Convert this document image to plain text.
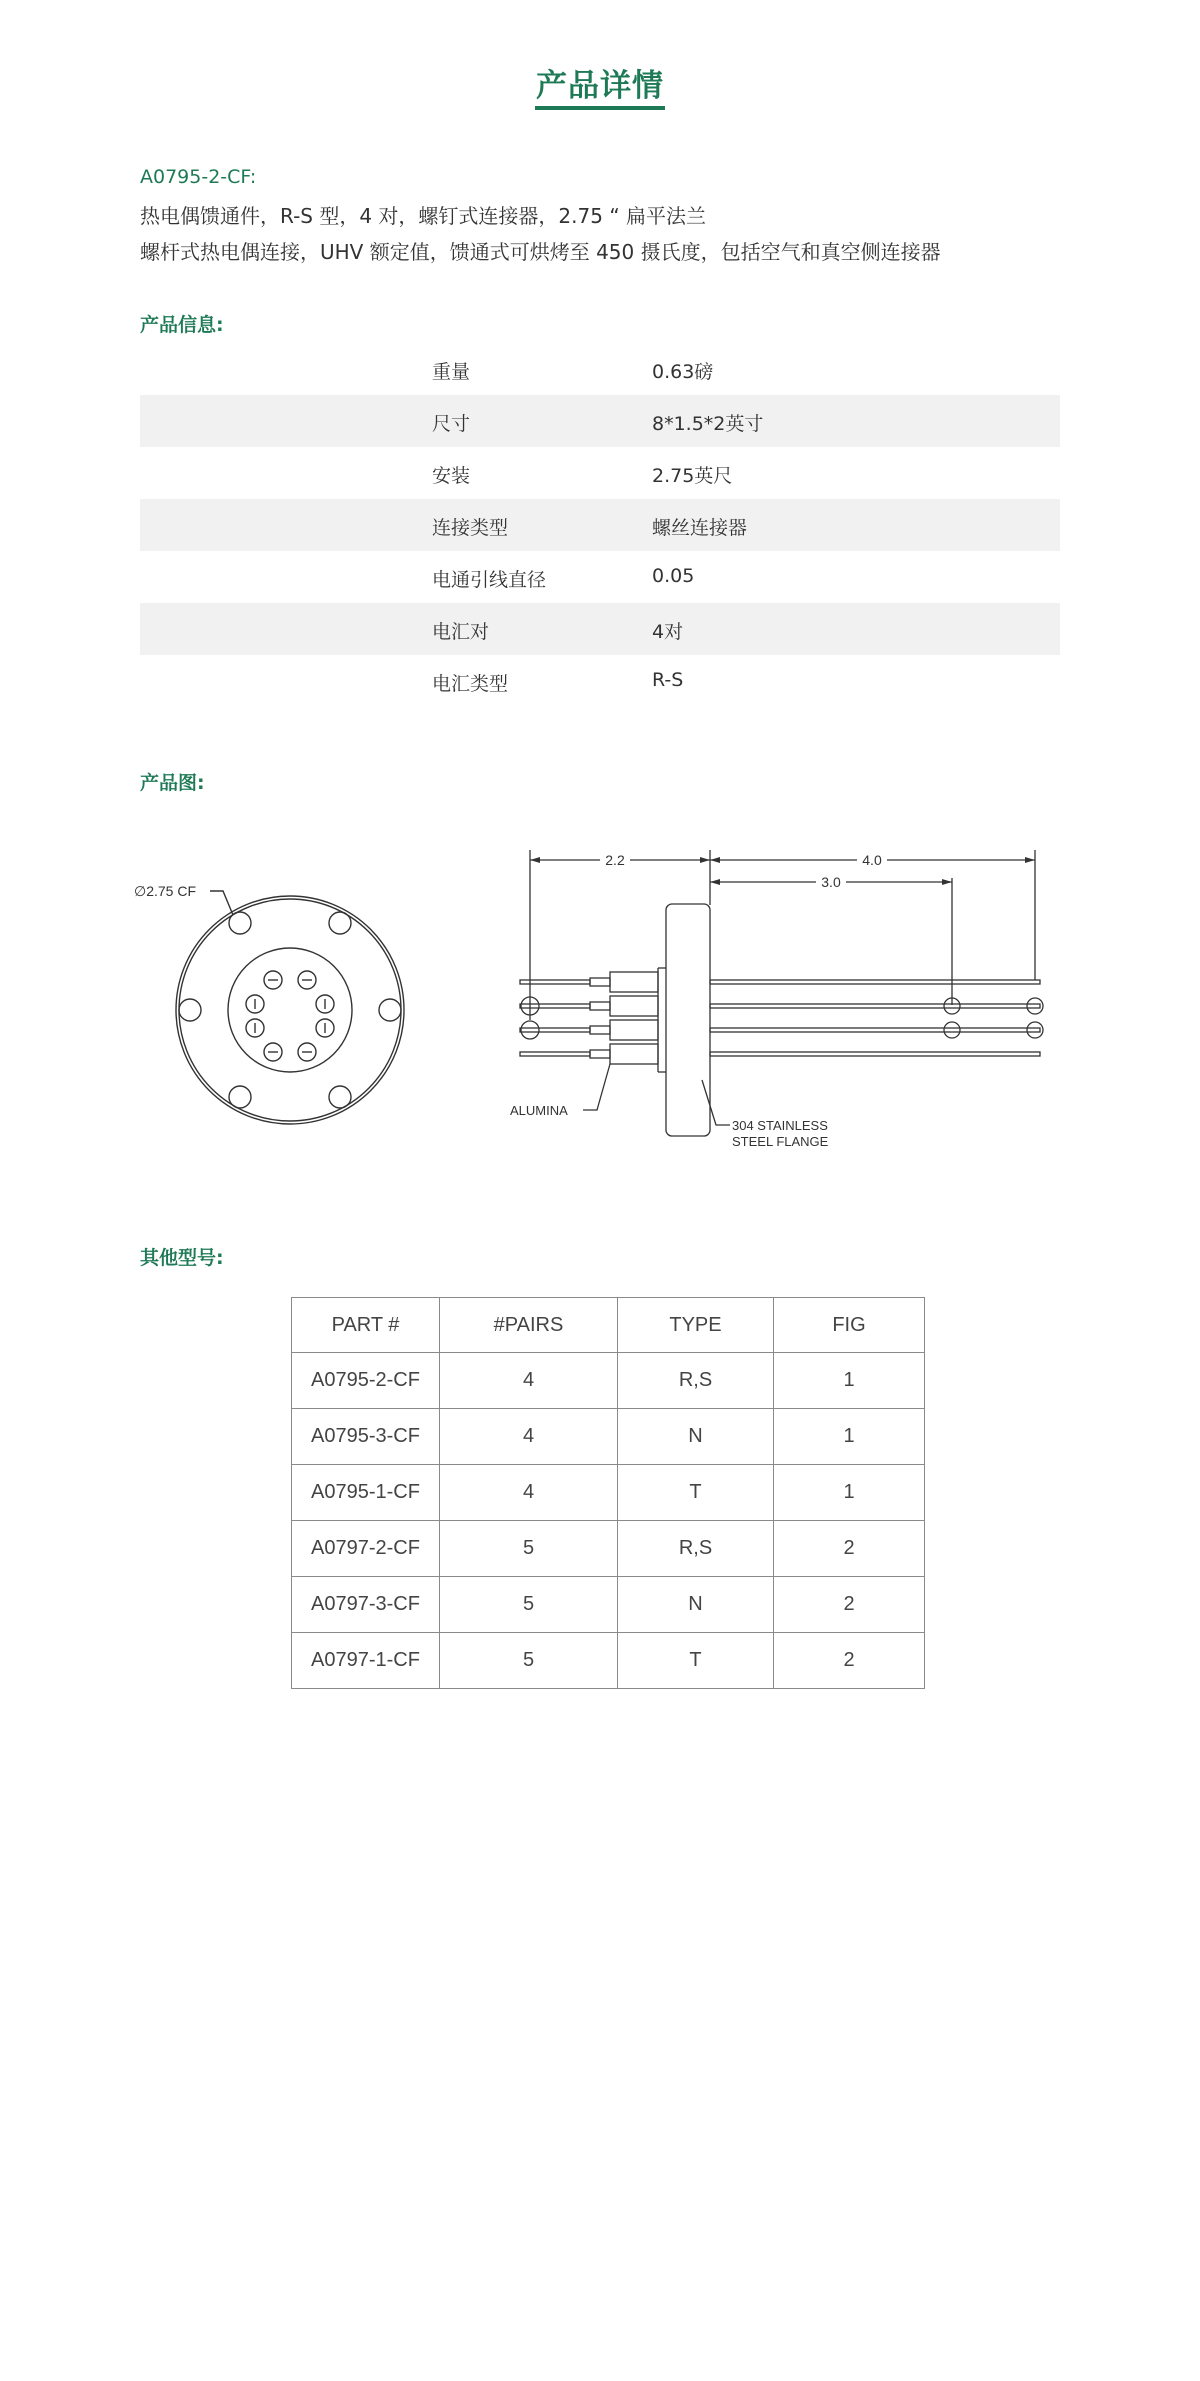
产品详情
A0795-2-CF:
热电偶馈通件，R-S 型，4 对，螺钉式连接器，2.75 “ 扁平法兰
螺杆式热电偶连接，UHV 额定值，馈通式可烘烤至 450 摄氏度，包括空气和真空侧连接器
产品信息:
重量	0.63磅
尺寸	8*1.5*2英寸
安装	2.75英尺
连接类型	螺丝连接器
电通引线直径	0.05
电汇对	4对
电汇类型	R-S
产品图:
∅2.75 CF
2.2	4.0
3.0
ALUMINA
304 STAINLESS
STEEL FLANGE
其他型号:
PART #	#PAIRS	TYPE	FIG
A0795-2-CF	4	R,S	1
A0795-3-CF	4	N	1
A0795-1-CF	4	T	1
A0797-2-CF	5	R,S	2
A0797-3-CF	5	N	2
A0797-1-CF	5	T	2
